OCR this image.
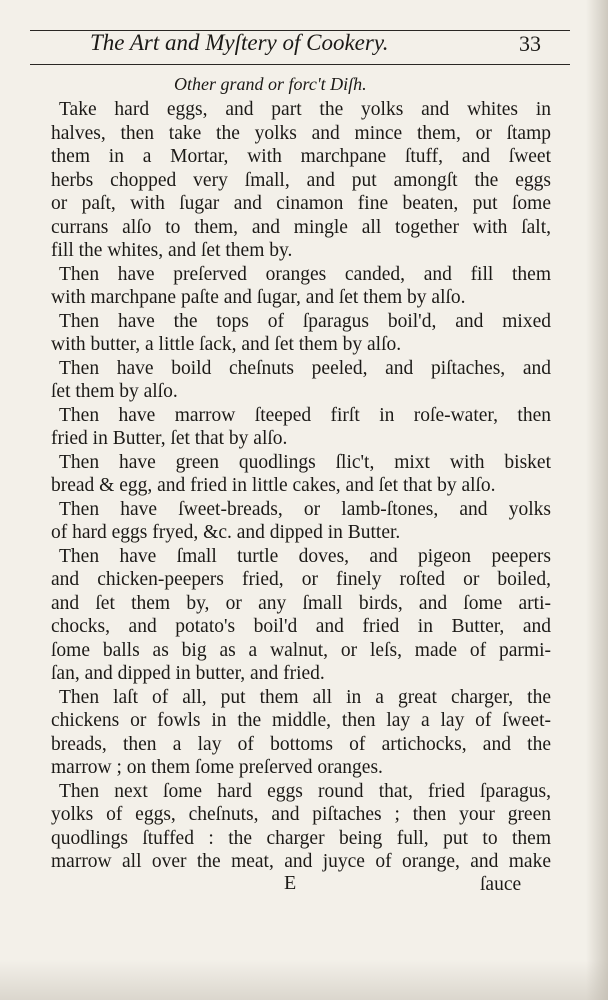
The Art and Myſtery of Cookery.	33
Other grand or forc't Diſh.
Take hard eggs, and part the yolks and whites in
halves, then take the yolks and mince them, or ſtamp
them in a Mortar, with marchpane ſtuff, and ſweet
herbs chopped very ſmall, and put amongſt the eggs
or paſt, with ſugar and cinamon fine beaten, put ſome
currans alſo to them, and mingle all together with ſalt,
fill the whites, and ſet them by.
Then have preſerved oranges canded, and fill them
with marchpane paſte and ſugar, and ſet them by alſo.
Then have the tops of ſparagus boil'd, and mixed
with butter, a little ſack, and ſet them by alſo.
Then have boild cheſnuts peeled, and piſtaches, and
ſet them by alſo.
Then have marrow ſteeped firſt in roſe-water, then
fried in Butter, ſet that by alſo.
Then have green quodlings ſlic't, mixt with bisket
bread & egg, and fried in little cakes, and ſet that by alſo.
Then have ſweet-breads, or lamb-ſtones, and yolks
of hard eggs fryed, &c. and dipped in Butter.
Then have ſmall turtle doves, and pigeon peepers
and chicken-peepers fried, or finely roſted or boiled,
and ſet them by, or any ſmall birds, and ſome arti-
chocks, and potato's boil'd and fried in Butter, and
ſome balls as big as a walnut, or leſs, made of parmi-
ſan, and dipped in butter, and fried.
Then laſt of all, put them all in a great charger, the
chickens or fowls in the middle, then lay a lay of ſweet-
breads, then a lay of bottoms of artichocks, and the
marrow ; on them ſome preſerved oranges.
Then next ſome hard eggs round that, fried ſparagus,
yolks of eggs, cheſnuts, and piſtaches ; then your green
quodlings ſtuffed : the charger being full, put to them
marrow all over the meat, and juyce of orange, and make
E	ſauce
